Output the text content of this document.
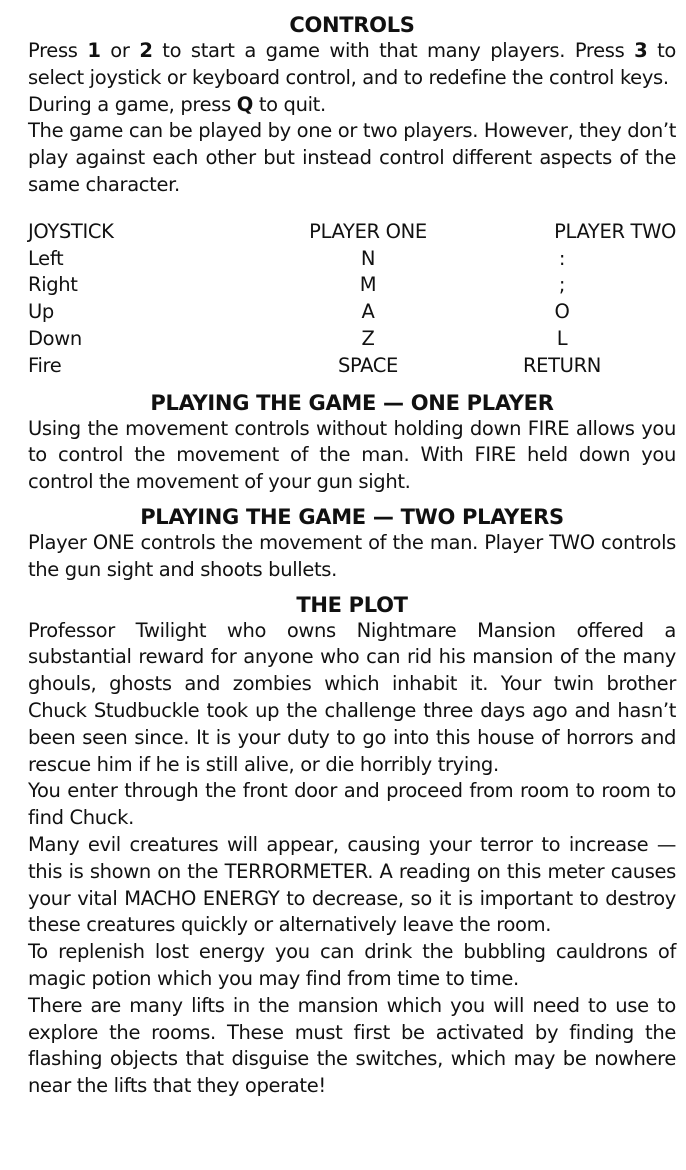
CONTROLS

Press 1 or 2 to start a game with that many players. Press 3 to select joystick or keyboard control, and to redefine the control keys.

During a game, press Q to quit.

The game can be played by one or two players. However, they don’t play against each other but instead control different aspects of the same character.

JOYSTICK	PLAYER ONE	PLAYER TWO
Left	N	:
Right	M	;
Up	A	O
Down	Z	L
Fire	SPACE	RETURN
PLAYING THE GAME — ONE PLAYER

Using the movement controls without holding down FIRE allows you to control the movement of the man. With FIRE held down you control the movement of your gun sight.

PLAYING THE GAME — TWO PLAYERS

Player ONE controls the movement of the man. Player TWO controls the gun sight and shoots bullets.

THE PLOT

Professor Twilight who owns Nightmare Mansion offered a substantial reward for anyone who can rid his mansion of the many ghouls, ghosts and zombies which inhabit it. Your twin brother Chuck Studbuckle took up the challenge three days ago and hasn’t been seen since. It is your duty to go into this house of horrors and rescue him if he is still alive, or die horribly trying.

You enter through the front door and proceed from room to room to find Chuck.

Many evil creatures will appear, causing your terror to increase — this is shown on the TERRORMETER. A reading on this meter causes your vital MACHO ENERGY to decrease, so it is important to destroy these creatures quickly or alternatively leave the room.

To replenish lost energy you can drink the bubbling cauldrons of magic potion which you may find from time to time.

There are many lifts in the mansion which you will need to use to explore the rooms. These must first be activated by finding the flashing objects that disguise the switches, which may be nowhere near the lifts that they operate!
